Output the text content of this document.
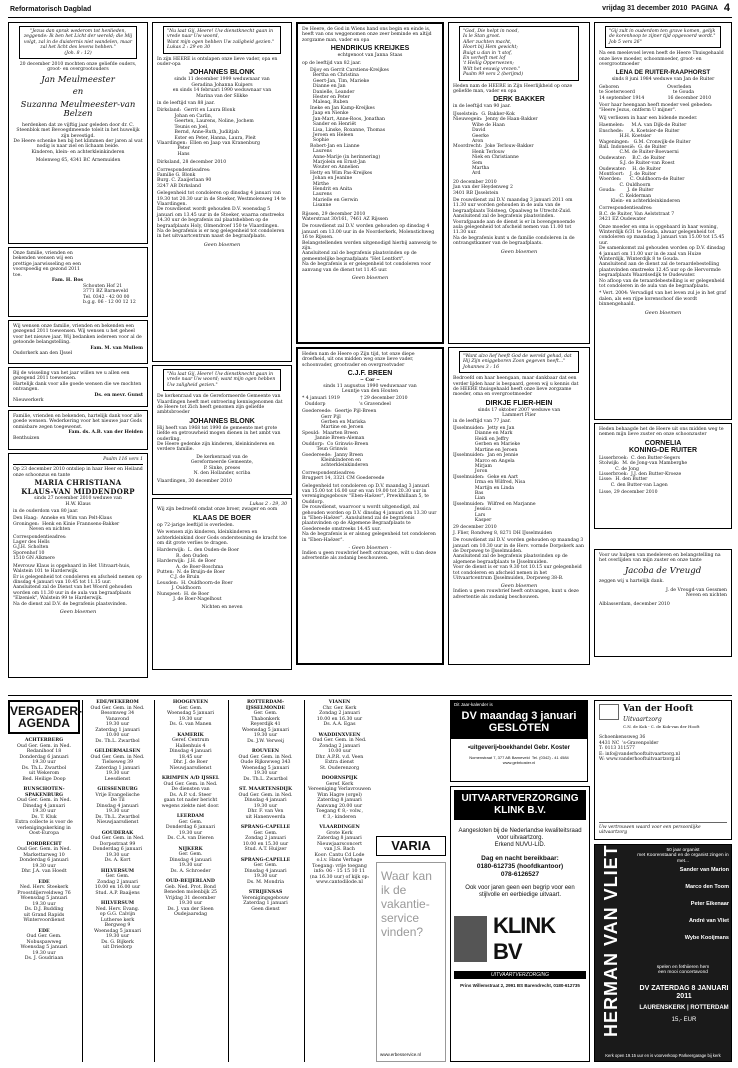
Reformatorisch Dagblad	vrijdag 31 december 2010 PAGINA 4
"Jezus dan sprak wederom tot henlieden, zeggende: Ik ben het Licht der wereld; die Mij volgt, zal in de duisternis niet wandelen, maar zal het licht des levens hebben."
(Joh. 8 : 12)
20 december 2010 mochten onze geliefde ouders, groot- en overgrootouders
Jan Meulmeester
en
Suzanna Meulmeester-van Belzen
herdenken dat ze vijftig jaar geleden door dr. C. Steenblok met Bevoegdmeende toleit in het huwelijk zijn bevestigd.
De Heere schenke hen bij het klimmen der jaren al wat nodig is naar ziel en lichaam beide.
Kinderen, klein- en achterkleinkinderen
Molenweg 65, 4341 BC Arnemuiden
Onze familie, vrienden en bekenden wensen wij een prettige jaarwisseling en een voorspoedig en gezond 2011 toe.
Fam. H. Bos
Schouten Hof 21
3771 BZ Barneveld
Tel. 0342 - 42 00 00
b.g.g. 06 - 12 00 12 12
Wij wensen onze familie, vrienden en bekenden een gezegend 2011 toewensen. Wij wensen u het geheel voor het nieuwe jaar. Wij bedanken iedereen voor al de getoonde belangstelling.
Fam. M. van Mullem
Oudorkerk aan den IJssel
Bij de wisseling van het jaar willen we u allen een gezegend 2011 toewensen.
Hartelijk dank voor alle goede wensen die we mochten ontvangen.
Ds. en mevr. Gunst
Nieuwerkerk
Familie, vrienden en bekenden, hartelijk dank voor alle goede wensen. Wederkering voor het nieuwe jaar Gods onmisbare zegen toegewenst.
Fam. ds. A.B. van der Heiden
Benthuizen
Psalm 116 vers 1
Op 23 december 2010 ontsliep in haar Heer en Heiland onze schoonzus en tante
MARIA CHRISTIANA
KLAUS-VAN MIDDENDORP
sinds 27 november 2010 weduwe van
H.W. Klaus
in de ouderdom van 80 jaar.
Den Haag:  Anneke en Wim van Pelt-Klaus
Groningen:  Henk en Kinie Frannsens-Bakker
Neven en nichten
Correspondentieadres:
Lager des Hells
G.J.H. Scholten
Sporenhof 10
1510 GN Alkmere
Mevrouw Klaus is opgebaard in Het Uitvaart-huis, Walstein 101 te Harderwijk.
Er is gelegenheid tot condoleren en afscheid nemen op dinsdag 4 januari van 10.45 tot 11.15 uur.
Aansluitend zal de Dienst van het Woord gehouden worden om 11.30 uur in de aula van begraafplaats "Elzeniek", Walstein 99 te Harderwijk.
Na de dienst zal D.V. de begrafenis plaatsvinden.
Geen bloemen
"Nu laat Gij, Heere! Uw dienstknecht gaan in vrede naar Uw woord,
Want mijn ogen hebben Uw zaligheid gezien."
Lukas 2 : 29 en 30
In zijn HEERE is ontslapen onze lieve vader, opa en ouder-opa
JOHANNES BLONK
sinds 11 december 1999 weduwnaar van
Geradina Johanna Kuipers
en sinds 14 februari 1990 weduwnaar van
Marina van der Slikke
in de leeftijd van 88 jaar.
Dirksland:  Gerrit en Laura Blonk
Johan en Carlin,
Geerten, Laurens, Noline, Jochem
Teunis en Joel,
Bernd, Anne-Ruth, Judiitjah
Ester en Peter, Hanna, Laura, Pleit
Vlaardingen:  Ellen en Jaap van Kranenburg
Peter
Hans
Dirksland, 28 december 2010
Correspondentieadres:
Familie G. Blonk
Burg. C. Zaaijerlaan 90
3247 AB Dirksland
Gelegenheid tot condoleren op dinsdag 4 januari van 19.30 tot 20.30 uur in de Stoeker, Westmolenweg 14 te Vlaardingen.
De rouwdienst wordt gehouden D.V. woensdag 5 januari om 13.45 uur in de Stoeker, waarna omstreeks 14.30 uur de begrafenis zal plaatshebben op de begraafplaats Holy, Olmendroef 150 te Vlaardingen.
Na de begrafenis is er nog gelegenheid tot condoleren in het uitvaartcentrum naast de begraafplaats.
Geen bloemen
"Nu laat Gij, Heere! Uw dienstknecht gaan in vrede naar Uw woord; want mijn ogen hebben Uw zaligheid gezien."
De kerkenraad van de Gereformeerde Gemeente van Vlaardingen heeft met ontroering kennisgenomen dat de Heere tot Zich heeft genomen zijn geliefde ambtsbroeder
JOHANNES BLONK
Hij heeft van 1968 tot 1990 de gemeente met grote liefde en getrouwheid mogen dienen in het ambt van ouderling.
De Heere gedenke zijn kinderen, kleinkinderen en verdere familie.
De kerkenraad van de
Gereformeerde Gemeente,
P. Sinke, preses
N. den Hollander, scriba
Vlaardingen, 30 december 2010
Lukas 2 : 29, 30
Wij zijn bedroefd omdat onze broer, zwager en oom
KLAAS DE BOER
op 72-jarige leeftijd is overleden.
We wensen zijn kinderen, kleinkinderen en achterkleinkind door Gods ondersteuning de kracht toe om dit grote verlies te dragen.
Harderwijk:  L. den Ouden-de Boer
R. den Ouden
Harderwijk:  J.H. de Boer
A. de Boer-Boschma
Putten:  N. de Bruijn-de Boer
C.J. de Bruin
Leusden:  H. Ouldhoorn-de Boer
J. Ouldhoorn
Nunspeet:  H. de Boer
J. de Boer-Nagelhout
Nichten en neven
De Heere, de God in Wiens hand ons begin en einde is, heeft van ons weggenomen onze zeer beminde en altijd zorgzame man, vader en opa
HENDRIKUS KREIJKES
echtgenoot van Janna Staas
op de leeftijd van 82 jaar.
Dijoy en Gerrit Carstiens-Kreijkes
Bertha en Christina
Geert-Jan, Tim, Marieke
Dianne en Jan
Danielle, Leander
Hester en Peter
Maleaq, Ruben
Ineke en Jan Kamp-Kreijkes
Jaap en Nienke
Jan-Mart, Anne-Roos, Jonathan
Sander en Henriët
Lisa, Linske, Roxanne, Thomas
Jeroen en Heleen
Sophie
Robert-Jan en Lianne
Laurens
Anne-Marije (in herinnering)
Marjolein en Ernst-Jan
Wouter en Annelien
Hetty en Wim Pas-Kreijkes
Johan en Jeanine
Mirthe
Hendrit en Anita
Laurens
Marielle en Gerwin
Lisanne
Rijssen, 29 december 2010
Waterstraat 30/161, 7461 AZ Rijssen
De rouwdienst zal D.V. worden gehouden op dinsdag 4 januari om 13.00 uur in de Noorderkerk, Molenstichweg 16 te Rijssen.
Belangstellenden worden uitgenodigd hierbij aanwezig te zijn.
Aansluitend zal de begrafenis plaatsvinden op de gemeentelijke begraafplaats "Het Lentfort".
Na de begrafenis is er gelegenheid tot condoleren voor aanvang van de dienst tot 11.45 uur.
Geen bloemen
Heden nam de Heere op Zijn tijd, tot onze diepe droefheid, uit ons midden weg onze lieve vader, schoonvader, grootvader en overgrootvader
C.J.F. BREEN
~ Cor ~
sinds 11 augustus 1990 weduwnaar van
Leuntje van den Houten
* 4 januari 1919              † 29 december 2010
Ouddorp                       's Gravendeel
Goedereede:  Geertje Pijl-Breen
Gerr Pijl
Gerben en Mariska
Martine en Jeroen
Speuld:  Maarten Breen
Jannie Breen-Aleman
Ouddorp:  Co Grinwis-Breen
Teun Grinwis
Goedereede:  Janny Breen
Kleinkinderen en
achterkleinkinderen
Correspondentieadres:
Brugpert 14, 3321 CM Goedereede
Gelegenheid tot condoleren op D.V. maandag 3 januari van 15.00 tot 16.00 uur en van 19.00 tot 20.30 uur in verenigingsgebouw "Eben-Haëzer", Prewkhillaan 5, te Ouddorp.
De rouwdienst, waarvoor u wordt uitgenodigd, zal gehouden worden op D.V. dinsdag 4 januari om 13.30 uur in "Eben-Haëzer". Aansluitend zal de begrafenis plaatsvinden op de Algemene Begraafplaats te Goedereede omstreeks 14.45 uur.
Na de begrafenis is er alsnog gelegenheid tot condoleren in "Eben-Haëzer".
- Geen bloemen -
Indien u geen rouwbrief heeft ontvangen, wilt u dan deze advertentie als zodanig beschouwen.
"God, Die helpt in nood,
Is le Stan groot.
Aller zuchten macht,
Hoort bij Hem gewicht;
Buigt u dan in 't stof,
En verheft met lof
't Heilig Opperwezen;
Wilt het eeuwig vrezen."
Psalm 99 vers 2 (berijmd)
Heden nam de HEERE in Zijn Heerlijkheid op onze geliefde man, vader en opa
DERK BAKKER
in de leeftijd van 90 jaar.
IJsselstein:  G. Bakker-Kok
Nieuwegein:  Jenny de Haan-Bakker
Wibe de Haan
David
Geerke
Aron
Moordrecht:  Joke Terlouw-Bakker
Henk Terlouw
Niek en Christianne
Sem
Martha
Ard
20 december 2010
Jan van der Heydenweg 2
3401 RB IJsselstein
De rouwdienst zal D.V. maandag 3 januari 2011 om 11.30 uur worden gehouden in de aula van de begraafplaats Tolsteeg, Opaalweg te Utrecht-Zuid. Aansluitend zal de begrafenis plaatsvinden.
Voorafgaande aan de dienst is er in bovengenoemde aula gelegenheid tot afscheid nemen van 11.00 tot 11.30 uur.
Na de begrafenis kunt u de familie condoleren in de ontvangstkamer van de begraafplaats.
Geen bloemen
"Want alzo lief heeft God de wereld gehad, dat Hij Zijn eniggeboren Zoon gegeven heeft..."
Johannes 3 : 16
Bedroefd om haar heengaan, maar dankbaar dat een verder lijden haar is bespaard, geven wij u kennis dat de HEERE thuisgehaald heeft onze lieve zorgzame moeder, oma en overgrootmoeder
DIRKJE FLIER-HEIN
sinds 17 oktober 2007 weduwe van
Lammert Flier
in de leeftijd van 77 jaar.
IJsselmuiden:  Jetty en Jan
Dianne en Mark
Heidi en Jeffry
Gerben en Marieke
Martine en Jeroen
IJsselmuiden:  Jan en Jennie
Marco en Angela
Mirjam
Joron
IJsselmuiden:  Geke en Aart
Irma en Wilfred, Nisa
Martijn en Linda
Bas
Lian
IJsselmuiden:  Wilfred en Marjanne
Jessica
Lars
Kasper
29 december 2010
J. Flier, Rondweg 8, 8271 DH IJsselmuiden
De rouwdienst zal D.V. worden gehouden op maandag 3 januari om 10.30 uur in de Herv. vormde Dorpskerk aan de Dorpsweg te IJsselmuiden.
Aansluitend zal de begrafenis plaatsvinden op de algemene begraafplaats te IJsselmuiden.
Voor de dienst is er van 9.30 tot 10.15 uur gelegenheid tot condoleren en afscheid nemen in het Uitvaartcentrum IJsselmuiden, Dorpsweg 38-B.
Geen bloemen
Indien u geen rouwbrief heeft ontvangen, kunt u deze advertentie als zodanig beschouwen.
"Gij zult in ouderdom ten grave komen, gelijk de korenhoop te zijner tijd opgevoerd wordt."
Job 5 vers 26"
Na een meelevoel leven heeft de Heere Thuisgehaald onze lieve moeder, schoonmoeder, groot- en overgrootmoeder
LENA DE RUITER-RAAPHORST
sinds 8 juni 1984 weduwe van Jan de Ruiter
Geboren                                 Overleden
te Soeterwoerd                          te Gouda
14 september 1914                16 december 2010
Voor haar heengaan heeft moeder veel gebeden: "Heere Jezus, ontferm U mijner".
Wij verliezen in haar een bidende moeder.
Haemelen:     M.A. van Dijk-de Ruiter
Enschede:     A. Koetsier-de Ruiter
H.H. Koetsier
Wageningen:   G.M. Cronwijk-de Ruiter
Ball. Indonesië:  G. de Ruiter
C.M. de Ruiter-Boevaerni
Oudewater:    B.C. de Ruiter
S.J. de Ruiter-van Roest
Oudewater:    H. de Ruiter
Montfoort:    J. de Ruiter
Woerden:      C. Ouldhoorn-de Ruiter
C. Ouldhoorn
Gouda:        J. de Ruiter
C. Kelderman
Klein- en achterkleinkinderen
Correspondentieadres:
B.C. de Ruiter, Van Aelststraat 7
3421 EZ Oudewater
Onze moeder en oma is opgebaard in haar woning, Winterdijk 6/31 te Gouda, alwaar gelegenheid tot condoleren op maandag 3 januari van 15.00 tot 15.45 uur.
De samenkomst zal gehouden worden op D.V. dinsdag 4 januari om 11.00 uur in de zaal van Huize Winterdijk, Winterdijk 8 te Gouda.
Aansluitend aan de dienst zal de teraardebestelling plaatsvinden omstreeks 12.45 uur op de Hervormde begraafplaats Waardsedijk te Oudewater.
No afloop van de teraardebestelling is er gelegenheid tot condoleren in de aula van de begraafplaats.
* Vert. 2004: Vervadigd van het leven zul je in het graf dalen, als een rijpe korenschoof die wordt binnengehaald.
Geen bloemen
Heden behaagde het de Heere uit ons midden weg te nemen mijn lieve zuster en onze schoonzuster
CORNELIA
KONING-DE RUITER
Lisserbroek:  C. den Butter-Segers
Stolwijk:  M. de Jong-van Mamberghe
C. de Jong
Lisserbroek:  J.J. den Butter-Kroeze
Lisse:  H. den Butter
C. den Butter-van Lagen
Lisse, 29 december 2010
Voor uw hulpen van medeleven en belangstelling na het overlijden van mijn zuster en onze tante
Jacoba de Vreugd
zeggen wij u hartelijk dank.
J. de Vreugd-van Gessmen
Neven en nichten
Alblasserdam, december 2010
VERGADER-
AGENDA
ACHTERBERG
Oud Ger. Gem. in Ned.
Redanihoof 18
Donderdag 6 januari
19.30 uur
Ds. Th.L. Zwartbol
uit Wekerom
Bed. Heilige Doop
BUNSCHOTEN-SPAKENBURG
Oud Ger. Gem. in Ned.
Dinsdag 4 januari
19.30 uur
Ds. T. Kluk
Extra collecte is voor de
verlenigingskerking in
Oost-Europa
DORDRECHT
Oud Ger. Gem. in Ned.
Markettarweg 10
Donderdag 6 januari
19.30 uur
Dhr. J.A. van Hoedt
EDE
Ned. Herv. Steekerk
Proostdijerveldweg 76
Woensdag 5 januari
19.30 uur
Ds. D.J. Budding
uit Grand Rapids
Wintervoordienst
EDE
Oud Ger. Gem.
Nobuspawweg
Woensdag 5 januari
19.30 uur
Ds. J. Goudriaan
EDE/WEKEROM
Oud Ger. Gem. in Ned.
Besomweg 34
Vanavond
19.30 uur
Zaterdag 1 januari
10.00 uur
Ds. Th.L. Zwartbol
GELDERMALSEN
Oud Ger. Gem. in Ned.
Tielseweg 39
Zaterdag 1 januari
19.30 uur
Leesdienst
GIESSENBURG
Vrije Evangelische
De Til
Dinsdag 4 januari
19.30 uur
Ds. Th.L. Zwartbol
Nieuwjaarsdienst
GOUDERAK
Oud Ger. Gem. in Ned.
Dorpsstraat 99
Donderdag 6 januari
19.30 uur
Ds. A. Kort
HILVERSUM
Ger. Gem.
Zondag 2 januari
10.00 en 16.00 uur
Stud. A.P. Baaijens
HILVERSUM
Ned. Herv. Evang.
op G.G. Calvijn
Lutherse kerk
Bergweg 9
Woensdag 5 januari
19.30 uur
Ds. G. Bijkerk
uit Driedorp
HOOGEVEEN
Ger. Gem.
Woensdag 5 januari
19.30 uur
Ds. G. van Manen
KAMERIK
Geref. Centrum
Hallenhuis 4
Dinsdag 4 januari
18.45 uur
Dhr. J. de Boer
Nieuwjaarsdienst
KRIMPEN A/D IJSSEL
Oud Ger. Gem. in Ned.
De diensten van
Ds. A.P. v.d. Steer
gaan tot nader bericht
wegens ziekte niet door.
LEERDAM
Ger. Gem.
Donderdag 6 januari
19.30 uur
Ds. C.A. van Dieren
NIJKERK
Ger. Gem.
Dinsdag 4 januari
19.30 uur
Ds. A. Schroeder
OUD-BEIJERLAND
Geb. Ned. Prot. Bond
Beneden molenbijk 25
Vrijdag 31 december
19.30 uur
Ds. J. van der Sleen
Oudejaarsdag
ROTTERDAM-IJSSELMONDE
Ger. Gem.
Thabonkerk
Reyerdijk 41
Woensdag 5 januari
19.30 uur
Ds. J.W. Verweij
ROUVEEN
Oud Ger. Gem. in Ned.
Oude Rijkswweg 343
Woensdag 5 januari
19.30 uur
Ds. Th.L. Zwartbol
ST. MAARTENSDIJK
Oud Ger. Gem. in Ned.
Dinsdag 4 januari
19.30 uur
Dhr. F. van Ven
uit Hanenveerda
SPRANG-CAPELLE
Ger. Gem.
Zondag 2 januari
10.00 en 15.30 uur
Stud. A.T. Huijzer
SPRANG-CAPELLE
Ger. Gem.
Dinsdag 4 januari
19.30 uur
Ds. M. Mondria
STRIJENSAS
Verenigingsgebouw
Zaterdag 1 januari
Geen dienst
VIANEN
Chr. Ger. Kerk
Zondag 2 januari
10.00 en 16.30 uur
Ds. A.A. Egas
WADDINXVEEN
Oud Ger. Gem. in Ned.
Zondag 2 januari
10.00 uur
Dhr. A.P.R. v.d. Veen
Extra dienst
St. Ouderenzorg
DOORNSPIJK
Geref. Kerk
Vereeniging Verlavrouwen
Wim Hagre (orgel)
Zaterdag 8 januari
Aanvang 20.00 uur
Toegang € 8,- volw.,
€ 3,- kinderen
VLAARDINGEN
Grote Kerk
Zaterdag 8 januari
Nieuwjaarsconcert
van J.S. Bach
Koor: Cantu Cd Lode
o.l.v. Hans Verhage
Toegang: vrije toegang
info: 06 - 15 15 10 11
(na 16.30 uur) of kijk op:
www.cantodilode.nl
VARIA
Waar kan ik de vakantie-service vinden?
www.erbesservice.nl
Dit Jaar-kalender is
DV maandag 3 januari GESLOTEN
•uitgeverij•boekhandel Gebr. Koster
Nomenstraat 7, 377 AB Barneveld  Tel. (0342) - 41 4584
www.gebrkoster.nl
Van der Hooft Uitvaartzorg
C.N. de Kok - C. de Kok-van der Hooft
Schoenkenssweg 36
4431 NC  's-Gravenpolder
T: 0113 311577
E: info@vanderhooftuitvaartzorg.nl
W: www.vanderhooftuitvaartzorg.nl
Uw vertrouwen waard voor een persoonlijke uitvaartzorg
UITVAARTVERZORGING
KLINK B.V.
Aangesloten bij de Nederlandse kwaliteitsraad voor uitvaartzorg.
Erkend NUVU-LID.
Dag en nacht bereikbaar:
0180-612735 (hoofdkantoor)
078-6126527
Ook voor jaren geen een begrip voor een stijlvolle en eerbiedige uitvaart.
KLINK BV
UITVAARTVERZORGING
Prins Willemstraat 2, 2991 BS Barendrecht, 0180-612735	HERMAN VAN VLIET	50 jaar organist
met Koorenstaand en de organist zingen in met...
Sander van Marion
Marco den Toom
Peter Eikenaar
André van Vliet
Wybe Kooijmans
spelen en fethiieren hem
een mooi concertavond
DV ZATERDAG 8 JANUARI 2011
LAURENSKERK | ROTTERDAM
15,- EUR
Kerk open 19.15 uur en is voorverkoop Parkeergarage bij kerk
